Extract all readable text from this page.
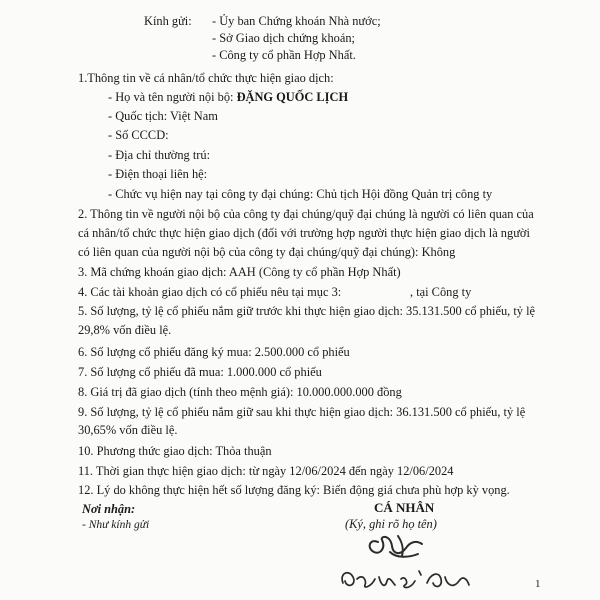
Kính gửi: - Ủy ban Chứng khoán Nhà nước;
- Sở Giao dịch chứng khoán;
- Công ty cổ phần Hợp Nhất.
1.Thông tin về cá nhân/tổ chức thực hiện giao dịch:
- Họ và tên người nội bộ: ĐẶNG QUỐC LỊCH
- Quốc tịch: Việt Nam
- Số CCCD:
- Địa chỉ thường trú:
- Điện thoại liên hệ:
- Chức vụ hiện nay tại công ty đại chúng: Chủ tịch Hội đồng Quản trị công ty
2. Thông tin về người nội bộ của công ty đại chúng/quỹ đại chúng là người có liên quan của
cá nhân/tổ chức thực hiện giao dịch (đối với trường hợp người thực hiện giao dịch là người
có liên quan của người nội bộ của công ty đại chúng/quỹ đại chúng): Không
3. Mã chứng khoán giao dịch: AAH (Công ty cổ phần Hợp Nhất)
4. Các tài khoản giao dịch có cổ phiếu nêu tại mục 3:	, tại Công ty
5. Số lượng, tỷ lệ cổ phiếu nắm giữ trước khi thực hiện giao dịch: 35.131.500 cổ phiếu, tỷ lệ
29,8% vốn điều lệ.
6. Số lượng cổ phiếu đăng ký mua: 2.500.000 cổ phiếu
7. Số lượng cổ phiếu đã mua: 1.000.000 cổ phiếu
8. Giá trị đã giao dịch (tính theo mệnh giá): 10.000.000.000 đồng
9. Số lượng, tỷ lệ cổ phiếu nắm giữ sau khi thực hiện giao dịch: 36.131.500 cổ phiếu, tỷ lệ
30,65% vốn điều lệ.
10. Phương thức giao dịch: Thỏa thuận
11. Thời gian thực hiện giao dịch: từ ngày 12/06/2024 đến ngày 12/06/2024
12. Lý do không thực hiện hết số lượng đăng ký: Biến động giá chưa phù hợp kỳ vọng.
Nơi nhận:
- Như kính gửi
CÁ NHÂN
(Ký, ghi rõ họ tên)
1
